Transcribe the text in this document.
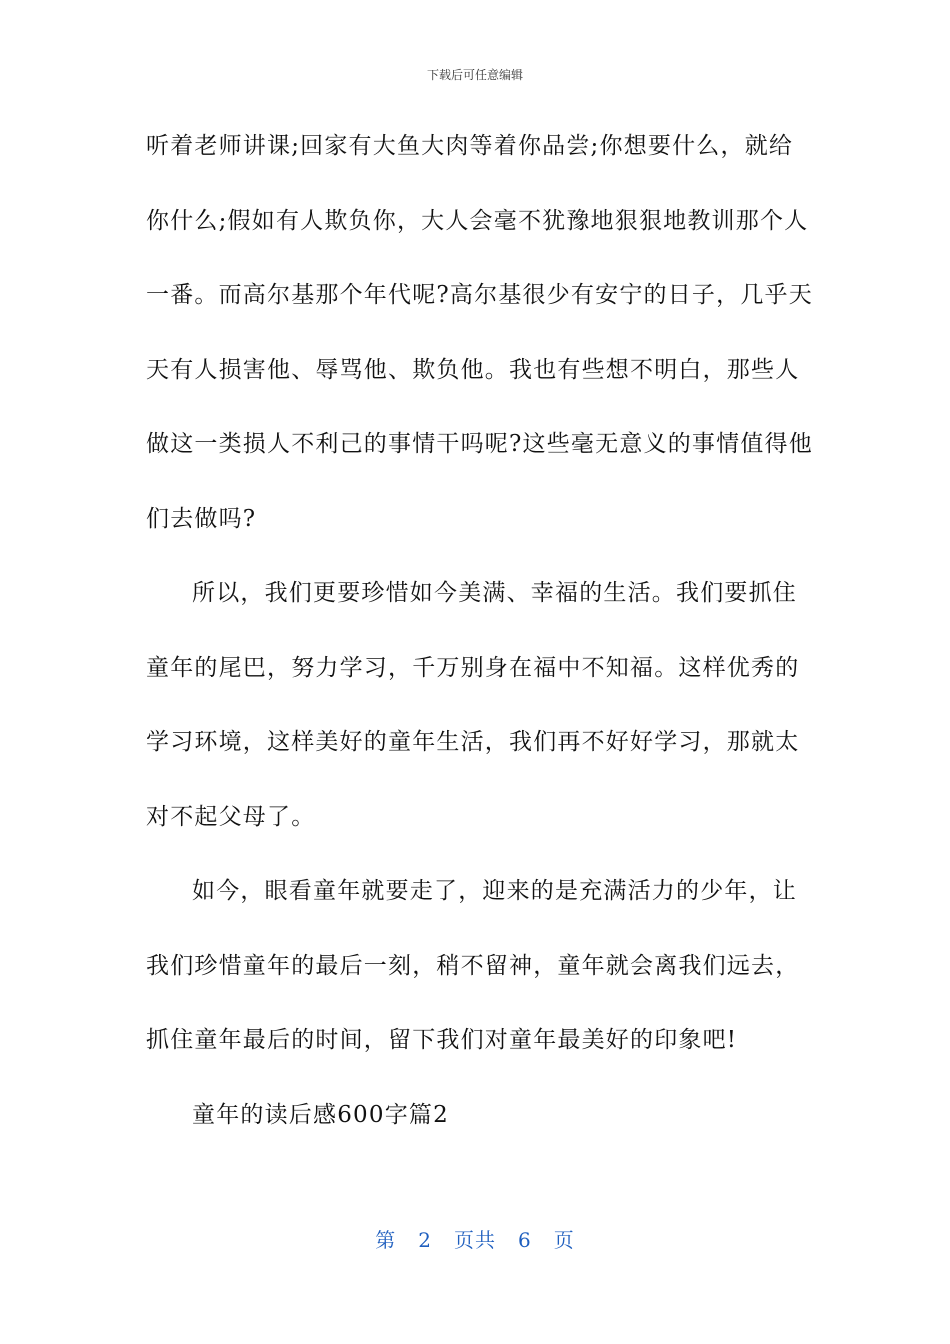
下载后可任意编辑
听着老师讲课;回家有大鱼大肉等着你品尝;你想要什么，就给
你什么;假如有人欺负你，大人会毫不犹豫地狠狠地教训那个人
一番。而高尔基那个年代呢?高尔基很少有安宁的日子，几乎天
天有人损害他、辱骂他、欺负他。我也有些想不明白，那些人
做这一类损人不利己的事情干吗呢?这些毫无意义的事情值得他
们去做吗?
所以，我们更要珍惜如今美满、幸福的生活。我们要抓住
童年的尾巴，努力学习，千万别身在福中不知福。这样优秀的
学习环境，这样美好的童年生活，我们再不好好学习，那就太
对不起父母了。
如今，眼看童年就要走了，迎来的是充满活力的少年，让
我们珍惜童年的最后一刻，稍不留神，童年就会离我们远去，
抓住童年最后的时间，留下我们对童年最美好的印象吧!
童年的读后感600字篇2
第 2 页共 6 页
